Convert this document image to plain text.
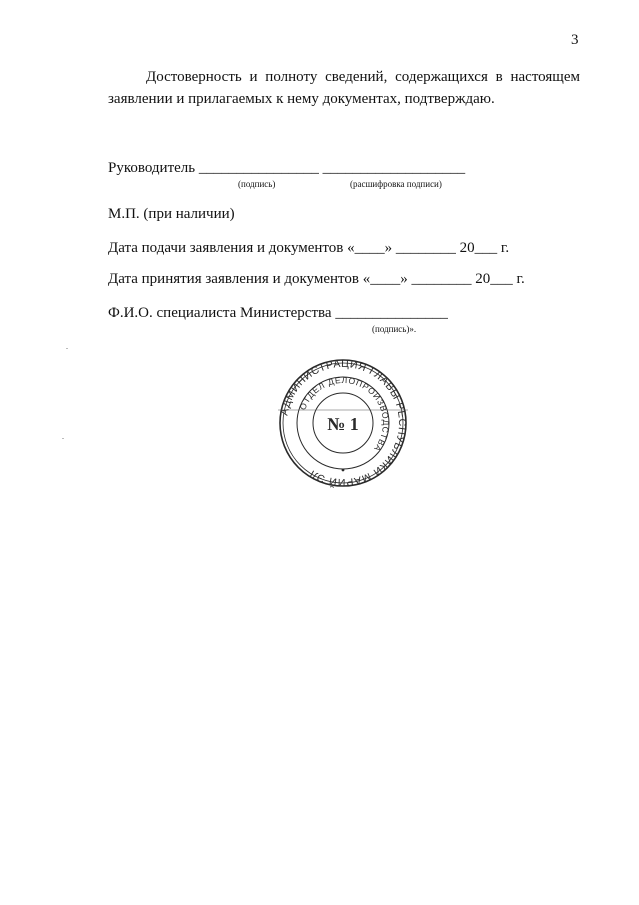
3
Достоверность и полноту сведений, содержащихся в настоящем заявлении и прилагаемых к нему документах, подтверждаю.
Руководитель ________________ ___________________
(подпись)	(расшифровка подписи)
М.П. (при наличии)
Дата подачи заявления и документов «____» ________ 20___ г.
Дата принятия заявления и документов «____» ________ 20___ г.
Ф.И.О. специалиста Министерства _______________
(подпись)».
АДМИНИСТРАЦИЯ ГЛАВЫ РЕСПУБЛИКИ МАРИЙ ЭЛ
ОТДЕЛ ДЕЛОПРОИЗВОДСТВА
№ 1
